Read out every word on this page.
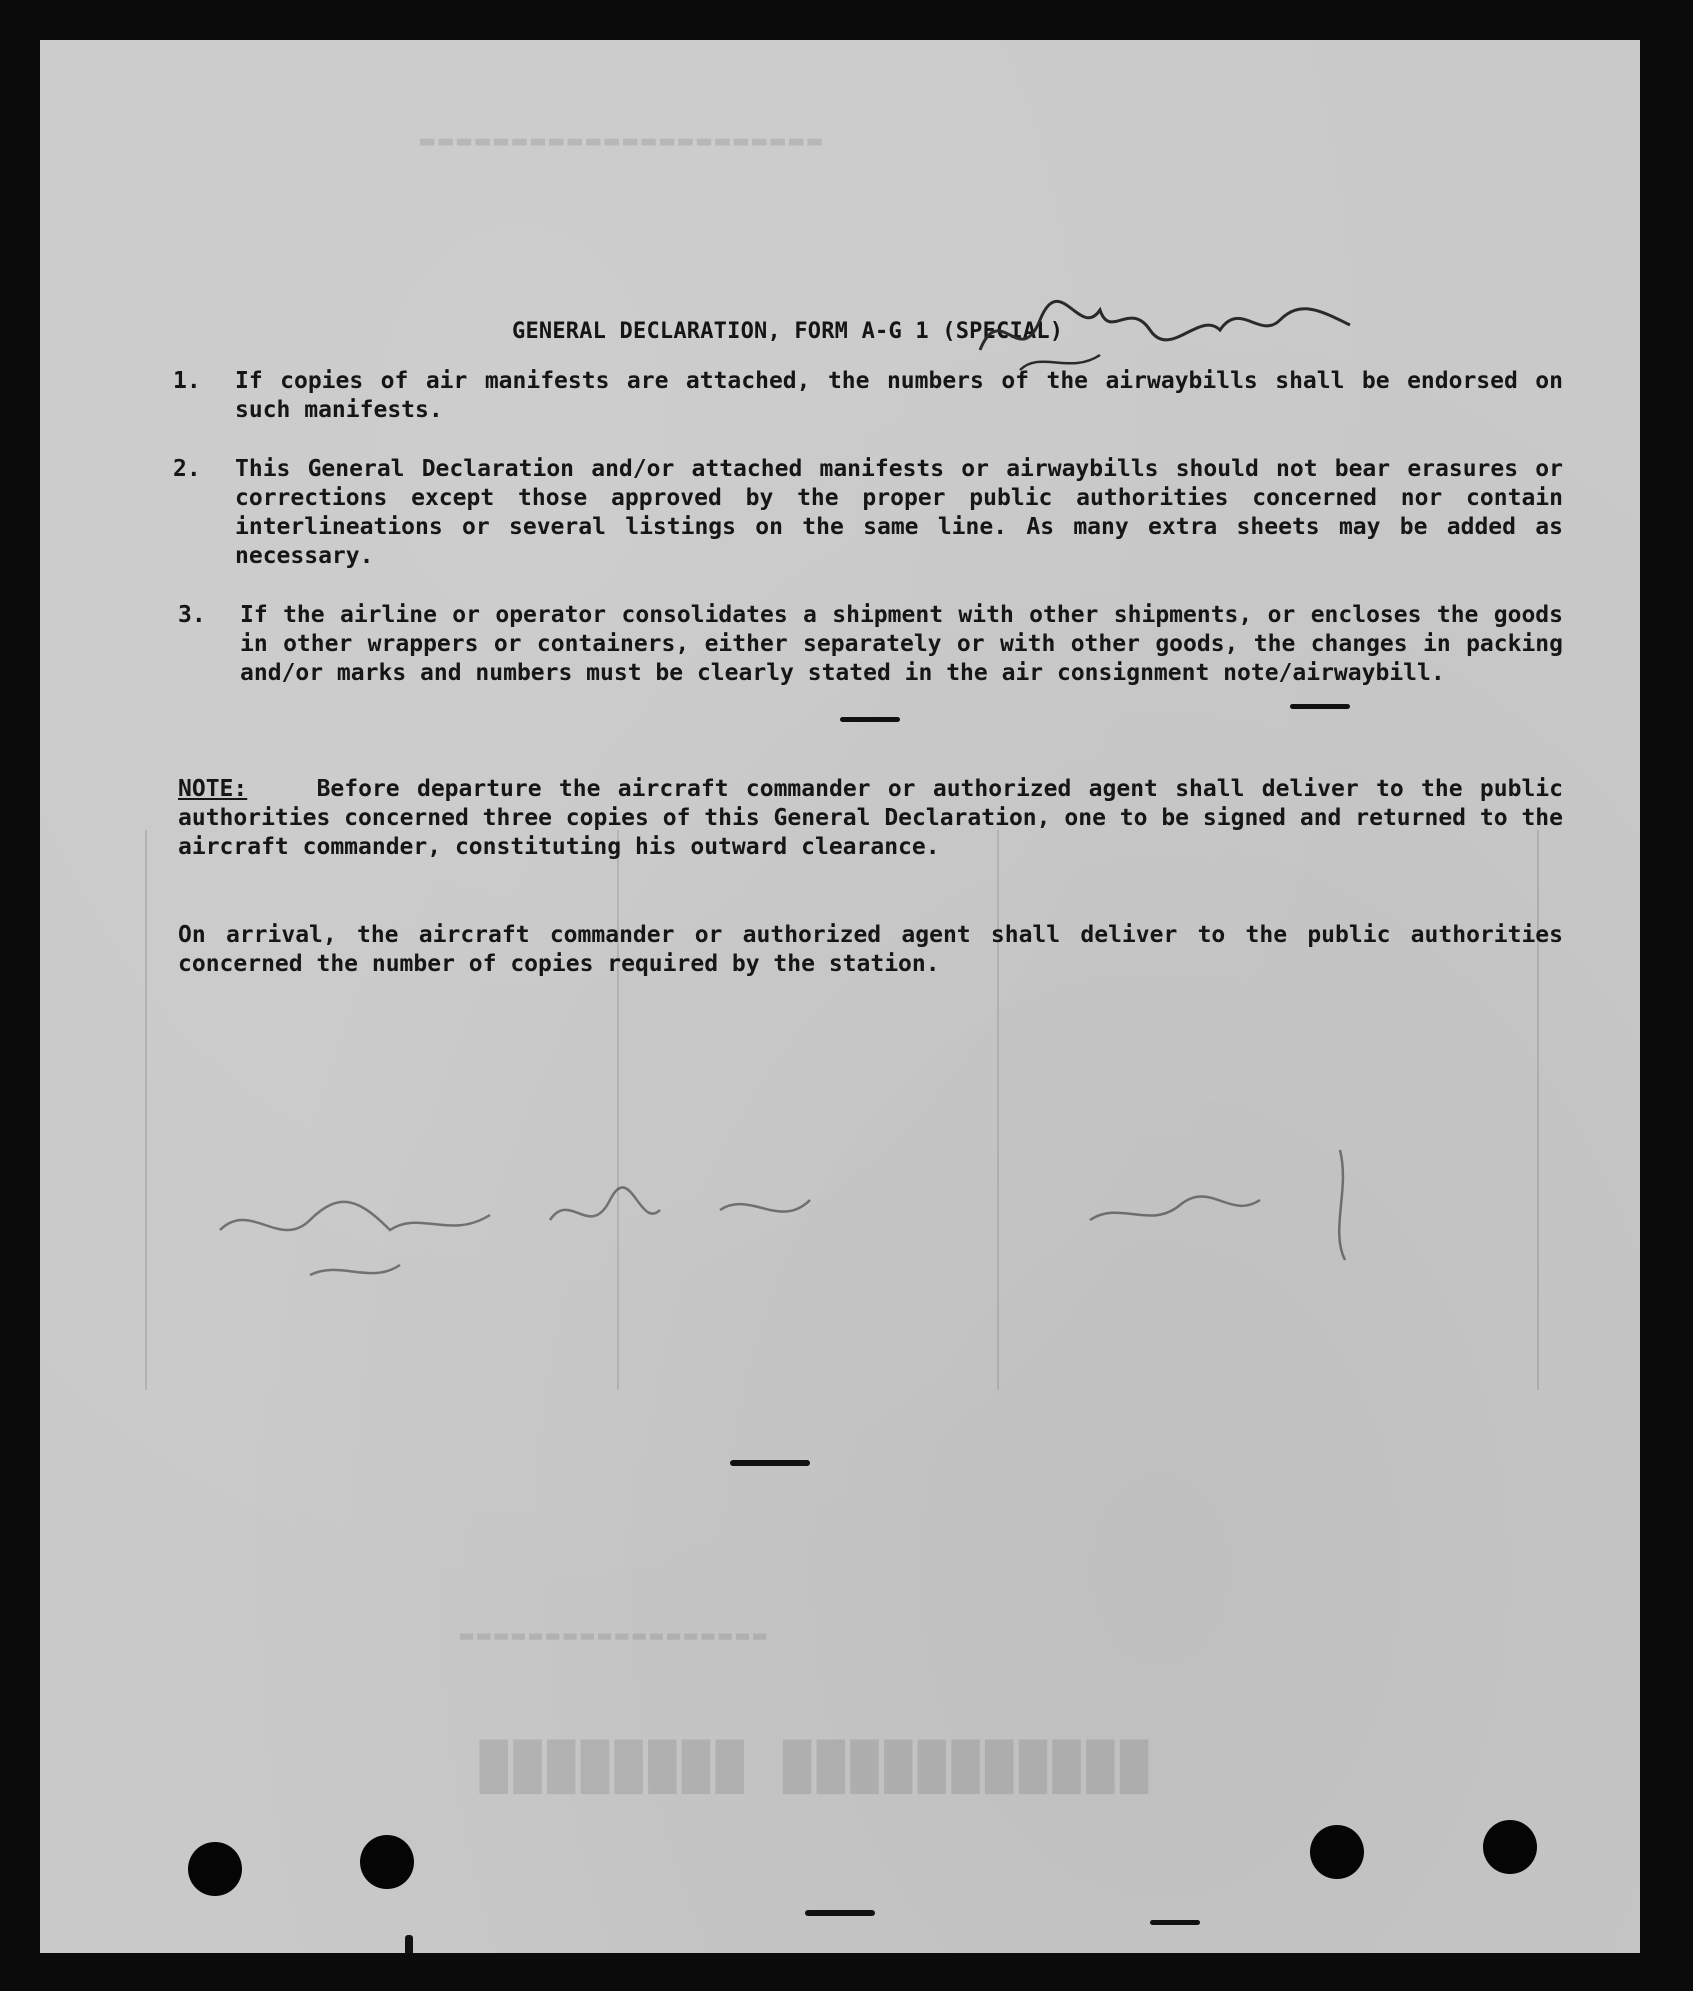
████████ ███████████
▬▬▬▬▬▬▬▬▬▬▬▬▬▬▬▬▬▬
▬▬▬▬▬▬▬▬▬▬▬▬▬▬▬▬▬▬▬▬▬▬
GENERAL DECLARATION, FORM A-G 1 (SPECIAL)
1.	If copies of air manifests are attached, the numbers of the airwaybills shall be endorsed on such manifests.
2.	This General Declaration and/or attached manifests or airwaybills should not bear erasures or corrections except those approved by the proper public authorities concerned nor contain interlineations or several listings on the same line. As many extra sheets may be added as necessary.
3.	If the airline or operator consolidates a shipment with other shipments, or encloses the goods in other wrappers or containers, either separately or with other goods, the changes in packing and/or marks and numbers must be clearly stated in the air consignment note/airwaybill.
NOTE:	Before departure the aircraft commander or authorized agent shall deliver to the public authorities concerned three copies of this General Declaration, one to be signed and returned to the aircraft commander, constituting his outward clearance.
On arrival, the aircraft commander or authorized agent shall deliver to the public authorities concerned the number of copies required by the station.
